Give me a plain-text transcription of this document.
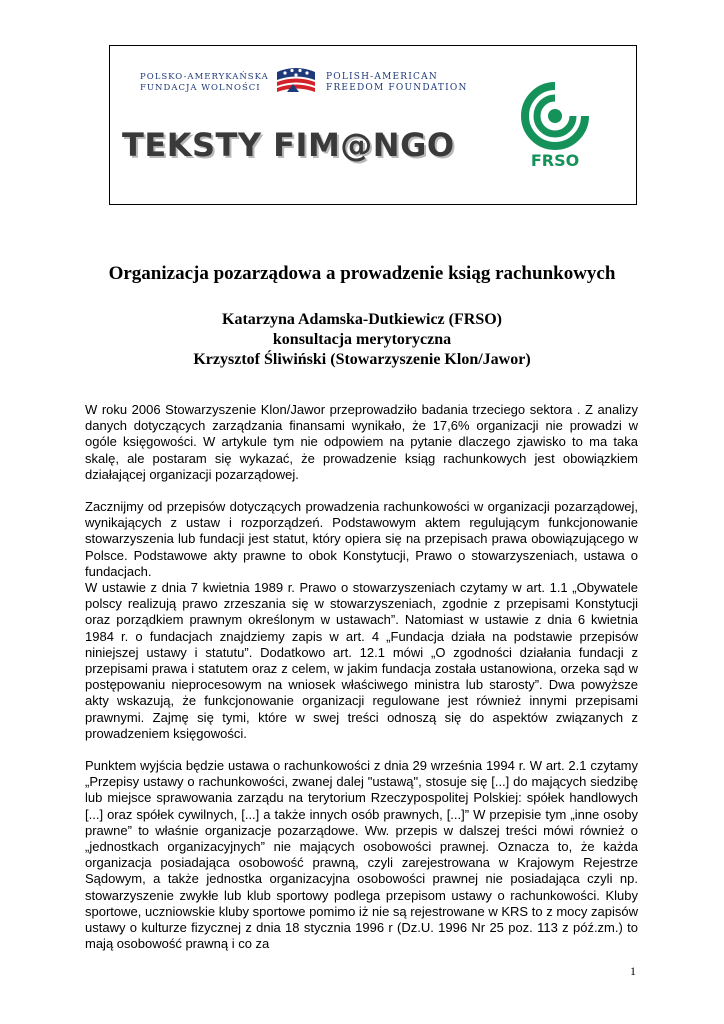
POLSKO-AMERYKAŃSKA
FUNDACJA WOLNOŚCI
POLISH-AMERICAN
FREEDOM FOUNDATION
TEKSTY FIM@NGO	FRSO
Organizacja pozarządowa a prowadzenie ksiąg rachunkowych
Katarzyna Adamska-Dutkiewicz (FRSO)
konsultacja merytoryczna
Krzysztof Śliwiński (Stowarzyszenie Klon/Jawor)

W roku 2006 Stowarzyszenie Klon/Jawor przeprowadziło badania trzeciego sektora . Z analizy danych dotyczących zarządzania finansami wynikało, że 17,6% organizacji nie prowadzi w ogóle księgowości. W artykule tym nie odpowiem na pytanie dlaczego zjawisko to ma taka skalę, ale postaram się wykazać, że prowadzenie ksiąg rachunkowych jest obowiązkiem działającej organizacji pozarządowej.

Zacznijmy od przepisów dotyczących prowadzenia rachunkowości w organizacji pozarządowej, wynikających z ustaw i rozporządzeń. Podstawowym aktem regulującym funkcjonowanie stowarzyszenia lub fundacji jest statut, który opiera się na przepisach prawa obowiązującego w Polsce. Podstawowe akty prawne to obok Konstytucji, Prawo o stowarzyszeniach, ustawa o fundacjach.

W ustawie z dnia 7 kwietnia 1989 r. Prawo o stowarzyszeniach czytamy w art. 1.1 „Obywatele polscy realizują prawo zrzeszania się w stowarzyszeniach, zgodnie z przepisami Konstytucji oraz porządkiem prawnym określonym w ustawach”. Natomiast w ustawie z dnia 6 kwietnia 1984 r. o fundacjach znajdziemy zapis w art. 4 „Fundacja działa na podstawie przepisów niniejszej ustawy i statutu”. Dodatkowo art. 12.1 mówi „O zgodności działania fundacji z przepisami prawa i statutem oraz z celem, w jakim fundacja została ustanowiona, orzeka sąd w postępowaniu nieprocesowym na wniosek właściwego ministra lub starosty”. Dwa powyższe akty wskazują, że funkcjonowanie organizacji regulowane jest również innymi przepisami prawnymi. Zajmę się tymi, które w swej treści odnoszą się do aspektów związanych z prowadzeniem księgowości.

Punktem wyjścia będzie ustawa o rachunkowości z dnia 29 września 1994 r. W art. 2.1 czytamy „Przepisy ustawy o rachunkowości, zwanej dalej "ustawą", stosuje się [...] do mających siedzibę lub miejsce sprawowania zarządu na terytorium Rzeczypospolitej Polskiej: spółek handlowych [...] oraz spółek cywilnych, [...] a także innych osób prawnych, [...]” W przepisie tym „inne osoby prawne” to właśnie organizacje pozarządowe. Ww. przepis w dalszej treści mówi również o „jednostkach organizacyjnych” nie mających osobowości prawnej. Oznacza to, że każda organizacja posiadająca osobowość prawną, czyli zarejestrowana w Krajowym Rejestrze Sądowym, a także jednostka organizacyjna osobowości prawnej nie posiadająca czyli np. stowarzyszenie zwykłe lub klub sportowy podlega przepisom ustawy o rachunkowości. Kluby sportowe, uczniowskie kluby sportowe pomimo iż nie są rejestrowane w KRS to z mocy zapisów ustawy o kulturze fizycznej z dnia 18 stycznia 1996 r (Dz.U. 1996 Nr 25 poz. 113 z póź.zm.) to mają osobowość prawną i co za

1
